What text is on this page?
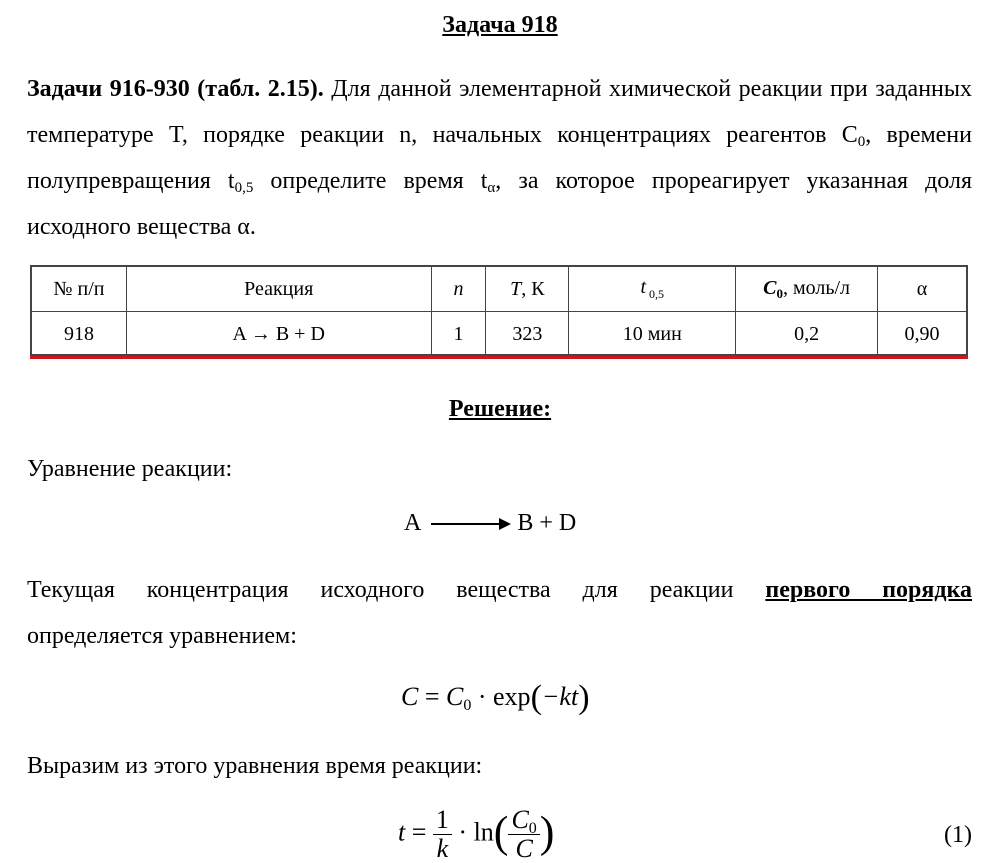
Задача 918
Задачи 916-930 (табл. 2.15). Для данной элементарной химической реакции при заданных температуре T, порядке реакции n, начальных концентрациях реагентов $C_0$, времени полупревращения $t_{0,5}$ определите время $t_\alpha$, за которое прореагирует указанная доля исходного вещества α.
№ п/п	Реакция	n	T, К	t $_{0,5}$	$C_0$, моль/л	α
918	A → B + D	1	323	10 мин	0,2	0,90
Решение:
Уравнение реакции:
A	B + D
Текущая концентрация исходного вещества для реакции первого порядка
определяется уравнением:
$C = C_0 \cdot \exp(-kt)$
Выразим из этого уравнения время реакции:
$t = \frac{1}{k} \cdot \ln( \frac{C_0}{C}$ )	(1)
